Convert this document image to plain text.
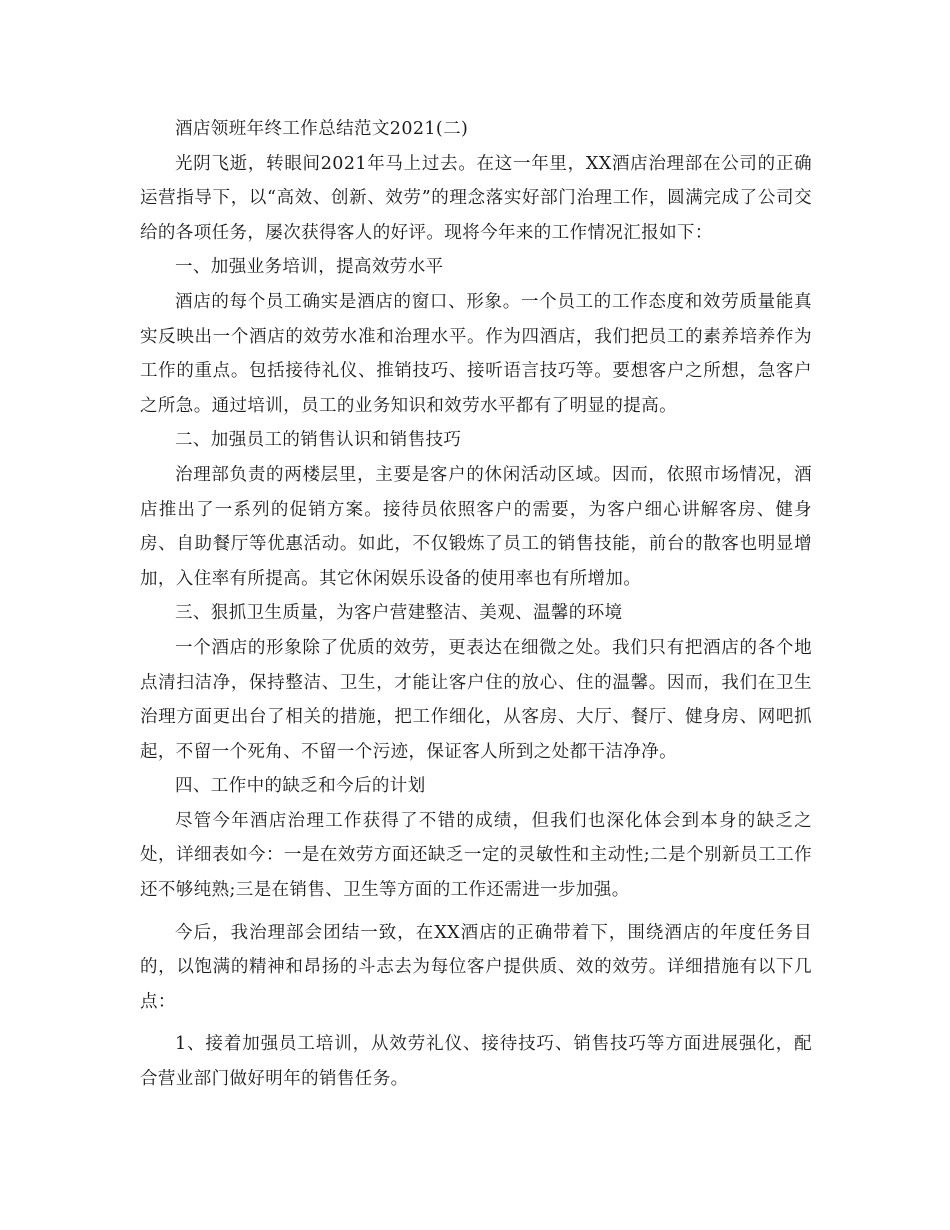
酒店领班年终工作总结范文2021(二)

光阴飞逝，转眼间2021年马上过去。在这一年里，XX酒店治理部在公司的正确运营指导下，以“高效、创新、效劳”的理念落实好部门治理工作，圆满完成了公司交给的各项任务，屡次获得客人的好评。现将今年来的工作情况汇报如下：

一、加强业务培训，提高效劳水平

酒店的每个员工确实是酒店的窗口、形象。一个员工的工作态度和效劳质量能真实反映出一个酒店的效劳水准和治理水平。作为四酒店，我们把员工的素养培养作为工作的重点。包括接待礼仪、推销技巧、接听语言技巧等。要想客户之所想，急客户之所急。通过培训，员工的业务知识和效劳水平都有了明显的提高。

二、加强员工的销售认识和销售技巧

治理部负责的两楼层里，主要是客户的休闲活动区域。因而，依照市场情况，酒店推出了一系列的促销方案。接待员依照客户的需要，为客户细心讲解客房、健身房、自助餐厅等优惠活动。如此，不仅锻炼了员工的销售技能，前台的散客也明显增加，入住率有所提高。其它休闲娱乐设备的使用率也有所增加。

三、狠抓卫生质量，为客户营建整洁、美观、温馨的环境

一个酒店的形象除了优质的效劳，更表达在细微之处。我们只有把酒店的各个地点清扫洁净，保持整洁、卫生，才能让客户住的放心、住的温馨。因而，我们在卫生治理方面更出台了相关的措施，把工作细化，从客房、大厅、餐厅、健身房、网吧抓起，不留一个死角、不留一个污迹，保证客人所到之处都干洁净净。

四、工作中的缺乏和今后的计划

尽管今年酒店治理工作获得了不错的成绩，但我们也深化体会到本身的缺乏之处，详细表如今：一是在效劳方面还缺乏一定的灵敏性和主动性;二是个别新员工工作还不够纯熟;三是在销售、卫生等方面的工作还需进一步加强。

今后，我治理部会团结一致，在XX酒店的正确带着下，围绕酒店的年度任务目的，以饱满的精神和昂扬的斗志去为每位客户提供质、效的效劳。详细措施有以下几点：

1、接着加强员工培训，从效劳礼仪、接待技巧、销售技巧等方面进展强化，配合营业部门做好明年的销售任务。
